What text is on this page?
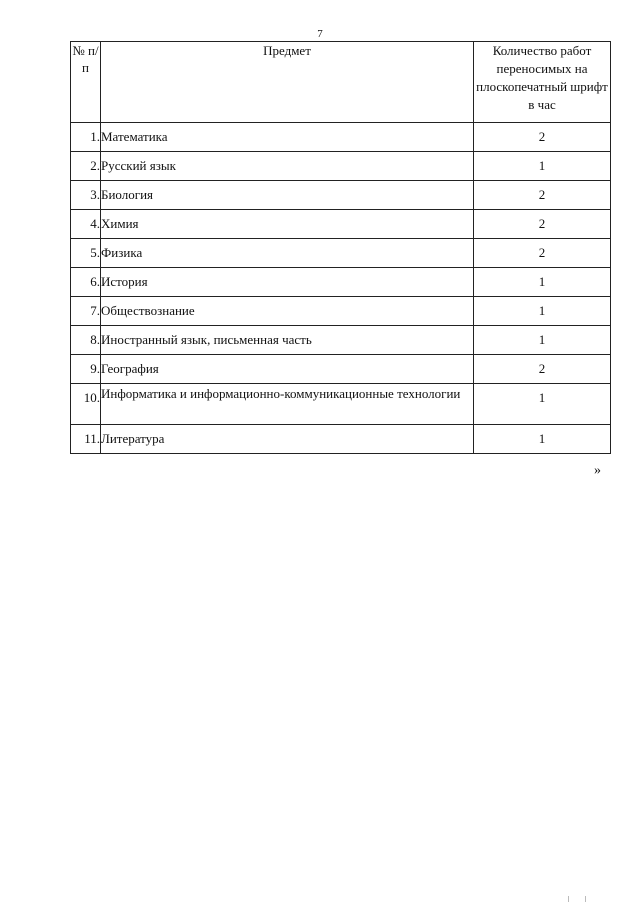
7
№ п/п	Предмет	Количество работ переносимых на плоскопечатный шрифт в час
1.	Математика	2
2.	Русский язык	1
3.	Биология	2
4.	Химия	2
5.	Физика	2
6.	История	1
7.	Обществознание	1
8.	Иностранный язык, письменная часть	1
9.	География	2
10.	Информатика и информационно-коммуникационные технологии	1
11.	Литература	1
»
